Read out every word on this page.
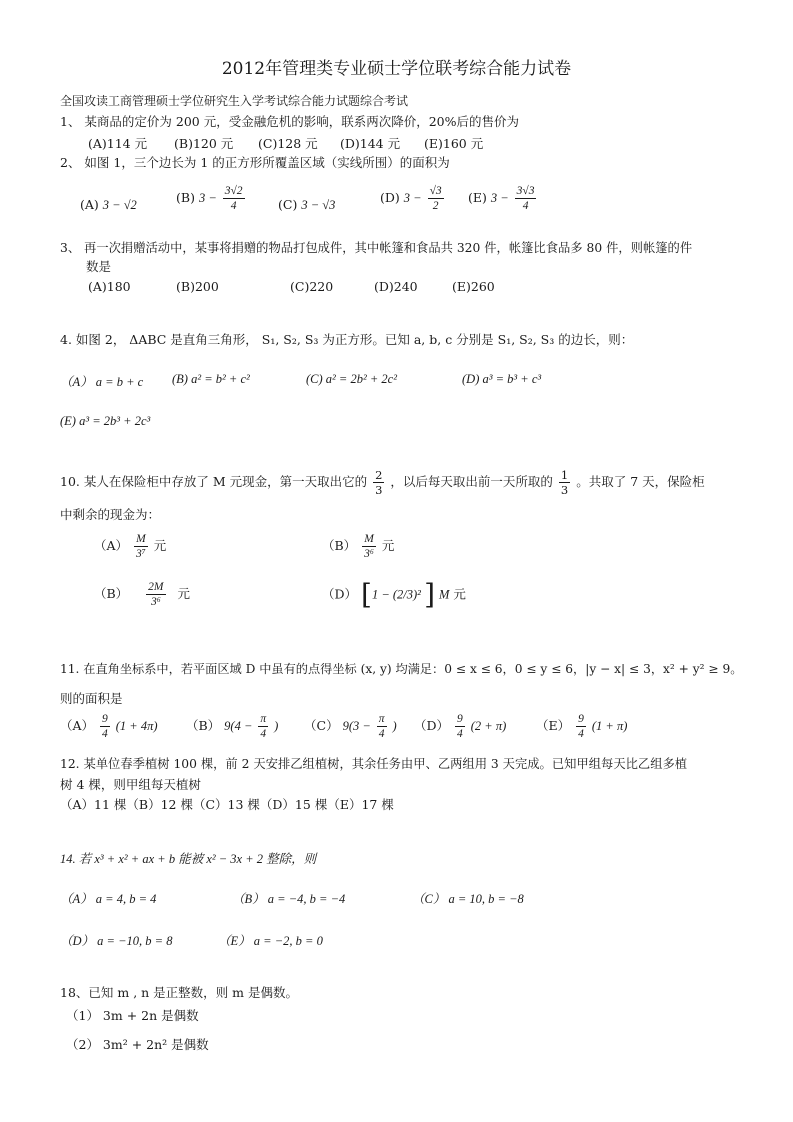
2012年管理类专业硕士学位联考综合能力试卷
全国攻读工商管理硕士学位研究生入学考试综合能力试题综合考试
1、 某商品的定价为 200 元，受金融危机的影响，联系两次降价，20%后的售价为
(A)114 元 (B)120 元 (C)128 元 (D)144 元 (E)160 元
2、 如图 1，三个边长为 1 的正方形所覆盖区域（实线所围）的面积为
(A) 3 − √2	(B) $3 - \frac{3√2}{4}$	(C) 3 − √3	(D) $3 - \frac{√3}{2} (E) 3 - \frac{3√3}{4}$
3、 再一次捐赠活动中，某事将捐赠的物品打包成件，其中帐篷和食品共 320 件，帐篷比食品多 80 件，则帐篷的件
数是
(A)180	(B)200	(C)220	(D)240	(E)260
4. 如图 2， ΔABC 是直角三角形， S₁, S₂, S₃ 为正方形。已知 a, b, c 分别是 S₁, S₂, S₃ 的边长，则：
（A） a = b + c (B) a² = b² + c²	(C) a² = 2b² + 2c²	(D) a³ = b³ + c³
(E) a³ = 2b³ + 2c³
10. 某人在保险柜中存放了 M 元现金，第一天取出它的 $\frac{2}{3}$ ，以后每天取出前一天所取的 $\frac{1}{3}$ 。共取了 7 天，保险柜
中剩余的现金为：
$(A) \frac{M}{\text{3⁷}}$ 元	$(B) \frac{M}{\text{3⁶}}$ 元
$(B) \frac{2M}{\text{3⁶}}$ 元	（D） [1 − (2/3)² ] M 元
11. 在直角坐标系中，若平面区域 D 中虽有的点得坐标 (x, y) 均满足：0 ≤ x ≤ 6，0 ≤ y ≤ 6，|y − x| ≤ 3，x² + y² ≥ 9。
则的面积是
$(A) \frac{9}{4} (1 + 4\pi)$ （B） $9(4 - \frac{\pi}{4}$ ) （C） $9(3 - \frac{\pi}{4}$ ) $(D) \frac{9}{4} (2 + \pi)$ $(E) \frac{9}{4} (1 + \pi)$
12. 某单位春季植树 100 棵，前 2 天安排乙组植树，其余任务由甲、乙两组用 3 天完成。已知甲组每天比乙组多植
树 4 棵，则甲组每天植树
（A）11 棵（B）12 棵（C）13 棵（D）15 棵（E）17 棵
14. 若 x³ + x² + ax + b 能被 x² − 3x + 2 整除，则
（A） a = 4, b = 4	（B） a = −4, b = −4	（C） a = 10, b = −8
（D） a = −10, b = 8	（E） a = −2, b = 0
18、已知 m , n 是正整数，则 m 是偶数。
（1） 3m + 2n 是偶数
（2） 3m² + 2n² 是偶数
